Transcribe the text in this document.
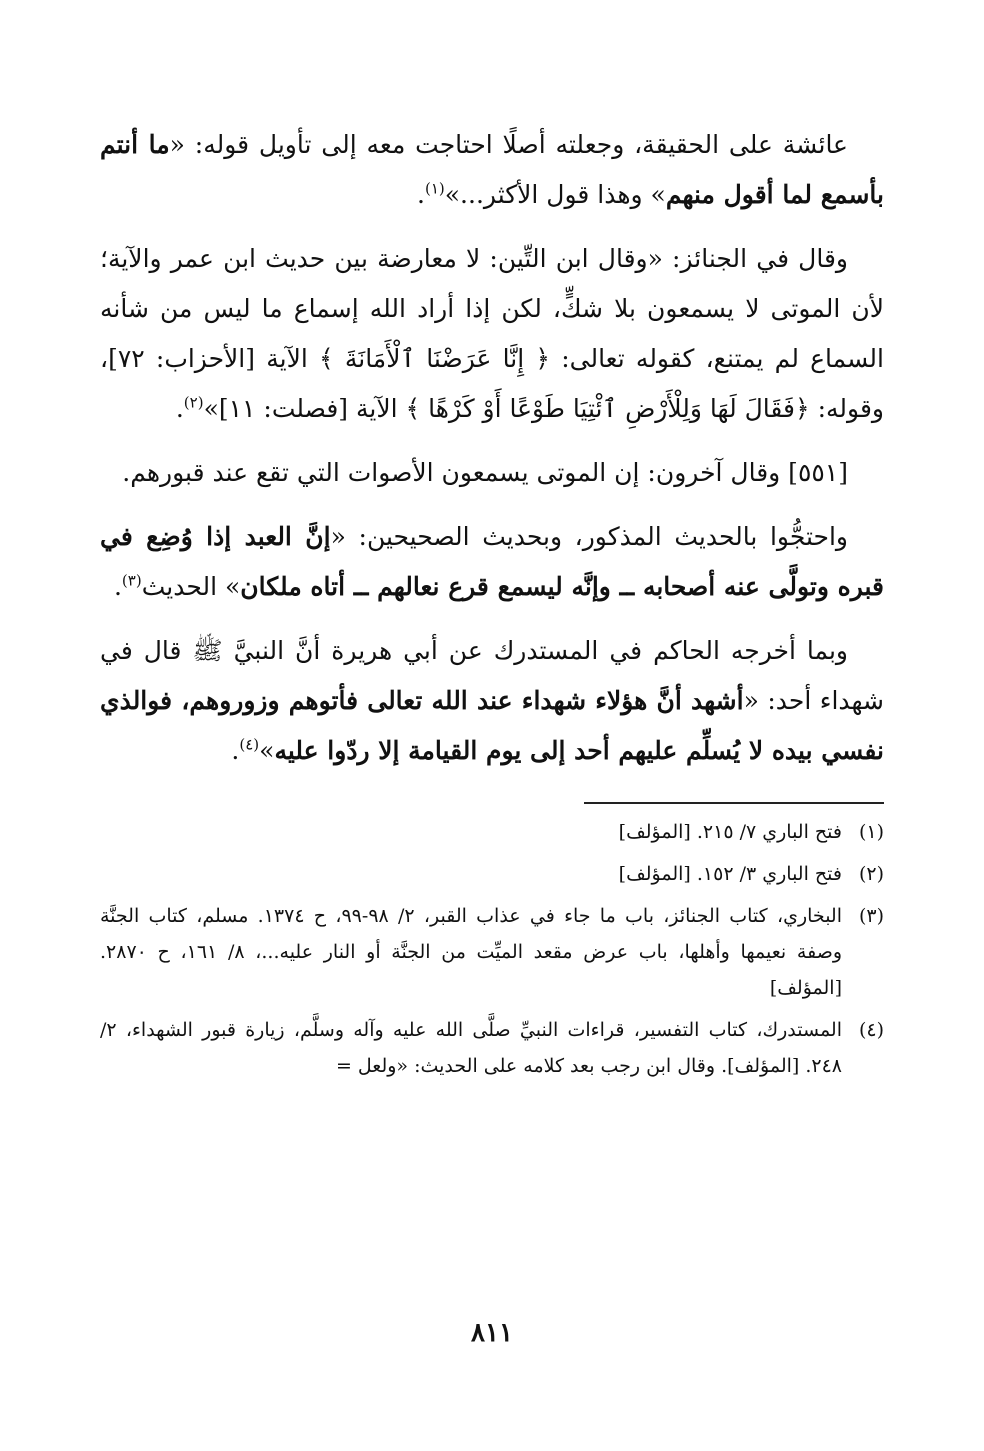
عائشة على الحقيقة، وجعلته أصلًا احتاجت معه إلى تأويل قوله: «ما أنتم بأسمع لما أقول منهم» وهذا قول الأكثر...»$^{(١)}$.

وقال في الجنائز: «وقال ابن التِّين: لا معارضة بين حديث ابن عمر والآية؛ لأن الموتى لا يسمعون بلا شكٍّ، لكن إذا أراد الله إسماع ما ليس من شأنه السماع لم يمتنع، كقوله تعالى: ﴿ إِنَّا عَرَضْنَا ٱلْأَمَانَةَ ﴾ الآية [الأحزاب: ٧٢]، وقوله: ﴿فَقَالَ لَهَا وَلِلْأَرْضِ ٱئْتِيَا طَوْعًا أَوْ كَرْهًا ﴾ الآية [فصلت: ١١]»$^{(٢)}$.

[٥٥١] وقال آخرون: إن الموتى يسمعون الأصوات التي تقع عند قبورهم.

واحتجُّوا بالحديث المذكور، وبحديث الصحيحين: «إنَّ العبد إذا وُضِع في قبره وتولَّى عنه أصحابه ــ وإنَّه ليسمع قرع نعالهم ــ أتاه ملكان» الحديث$^{(٣)}$.

وبما أخرجه الحاكم في المستدرك عن أبي هريرة أنَّ النبيَّ ﷺ قال في شهداء أحد: «أشهد أنَّ هؤلاء شهداء عند الله تعالى فأتوهم وزوروهم، فوالذي نفسي بيده لا يُسلِّم عليهم أحد إلى يوم القيامة إلا ردّوا عليه»$^{(٤)}$.

(١)
فتح الباري ٧/ ٢١٥. [المؤلف]
(٢)
فتح الباري ٣/ ١٥٢. [المؤلف]
(٣)
البخاري، كتاب الجنائز، باب ما جاء في عذاب القبر، ٢/ ٩٨-٩٩، ح ١٣٧٤. مسلم، كتاب الجنَّة وصفة نعيمها وأهلها، باب عرض مقعد الميِّت من الجنَّة أو النار عليه...، ٨/ ١٦١، ح ٢٨٧٠. [المؤلف]
(٤)
المستدرك، كتاب التفسير، قراءات النبيِّ صلَّى الله عليه وآله وسلَّم، زيارة قبور الشهداء، ٢/ ٢٤٨. [المؤلف]. وقال ابن رجب بعد كلامه على الحديث: «ولعل =
٨١١
